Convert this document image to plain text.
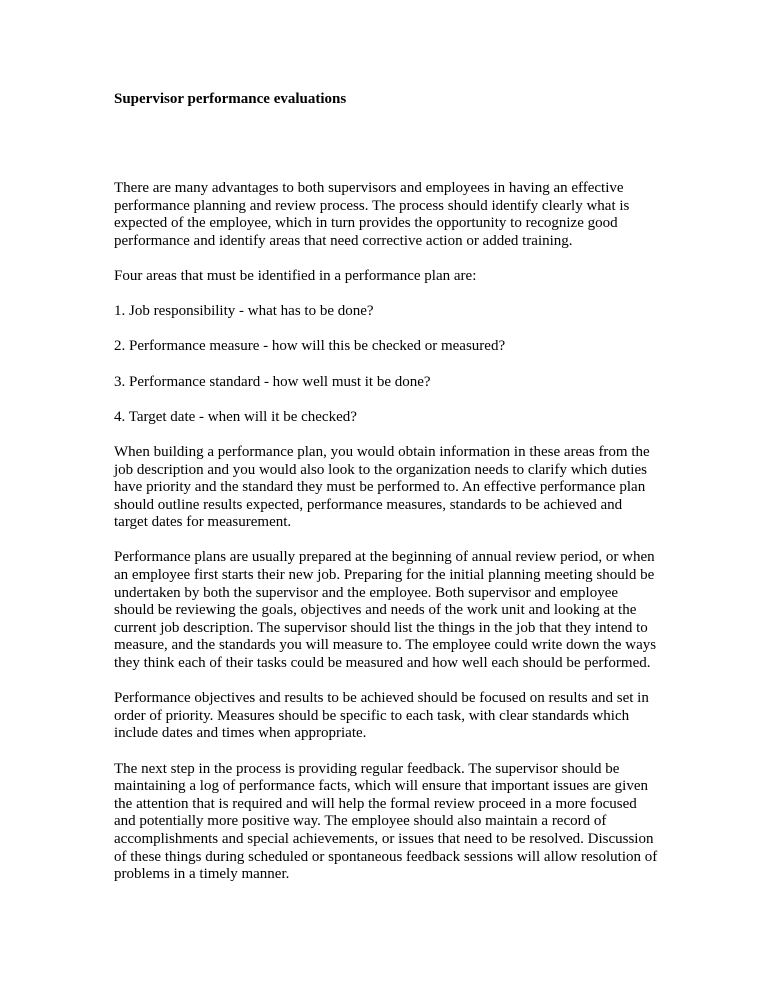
Supervisor performance evaluations

There are many advantages to both supervisors and employees in having an effective performance planning and review process. The process should identify clearly what is expected of the employee, which in turn provides the opportunity to recognize good performance and identify areas that need corrective action or added training.

Four areas that must be identified in a performance plan are:

1. Job responsibility - what has to be done?

2. Performance measure - how will this be checked or measured?

3. Performance standard - how well must it be done?

4. Target date - when will it be checked?

When building a performance plan, you would obtain information in these areas from the job description and you would also look to the organization needs to clarify which duties have priority and the standard they must be performed to. An effective performance plan should outline results expected, performance measures, standards to be achieved and target dates for measurement.

Performance plans are usually prepared at the beginning of annual review period, or when an employee first starts their new job. Preparing for the initial planning meeting should be undertaken by both the supervisor and the employee. Both supervisor and employee should be reviewing the goals, objectives and needs of the work unit and looking at the current job description. The supervisor should list the things in the job that they intend to measure, and the standards you will measure to. The employee could write down the ways they think each of their tasks could be measured and how well each should be performed.

Performance objectives and results to be achieved should be focused on results and set in order of priority. Measures should be specific to each task, with clear standards which include dates and times when appropriate.

The next step in the process is providing regular feedback. The supervisor should be maintaining a log of performance facts, which will ensure that important issues are given the attention that is required and will help the formal review proceed in a more focused and potentially more positive way. The employee should also maintain a record of accomplishments and special achievements, or issues that need to be resolved. Discussion of these things during scheduled or spontaneous feedback sessions will allow resolution of problems in a timely manner.
